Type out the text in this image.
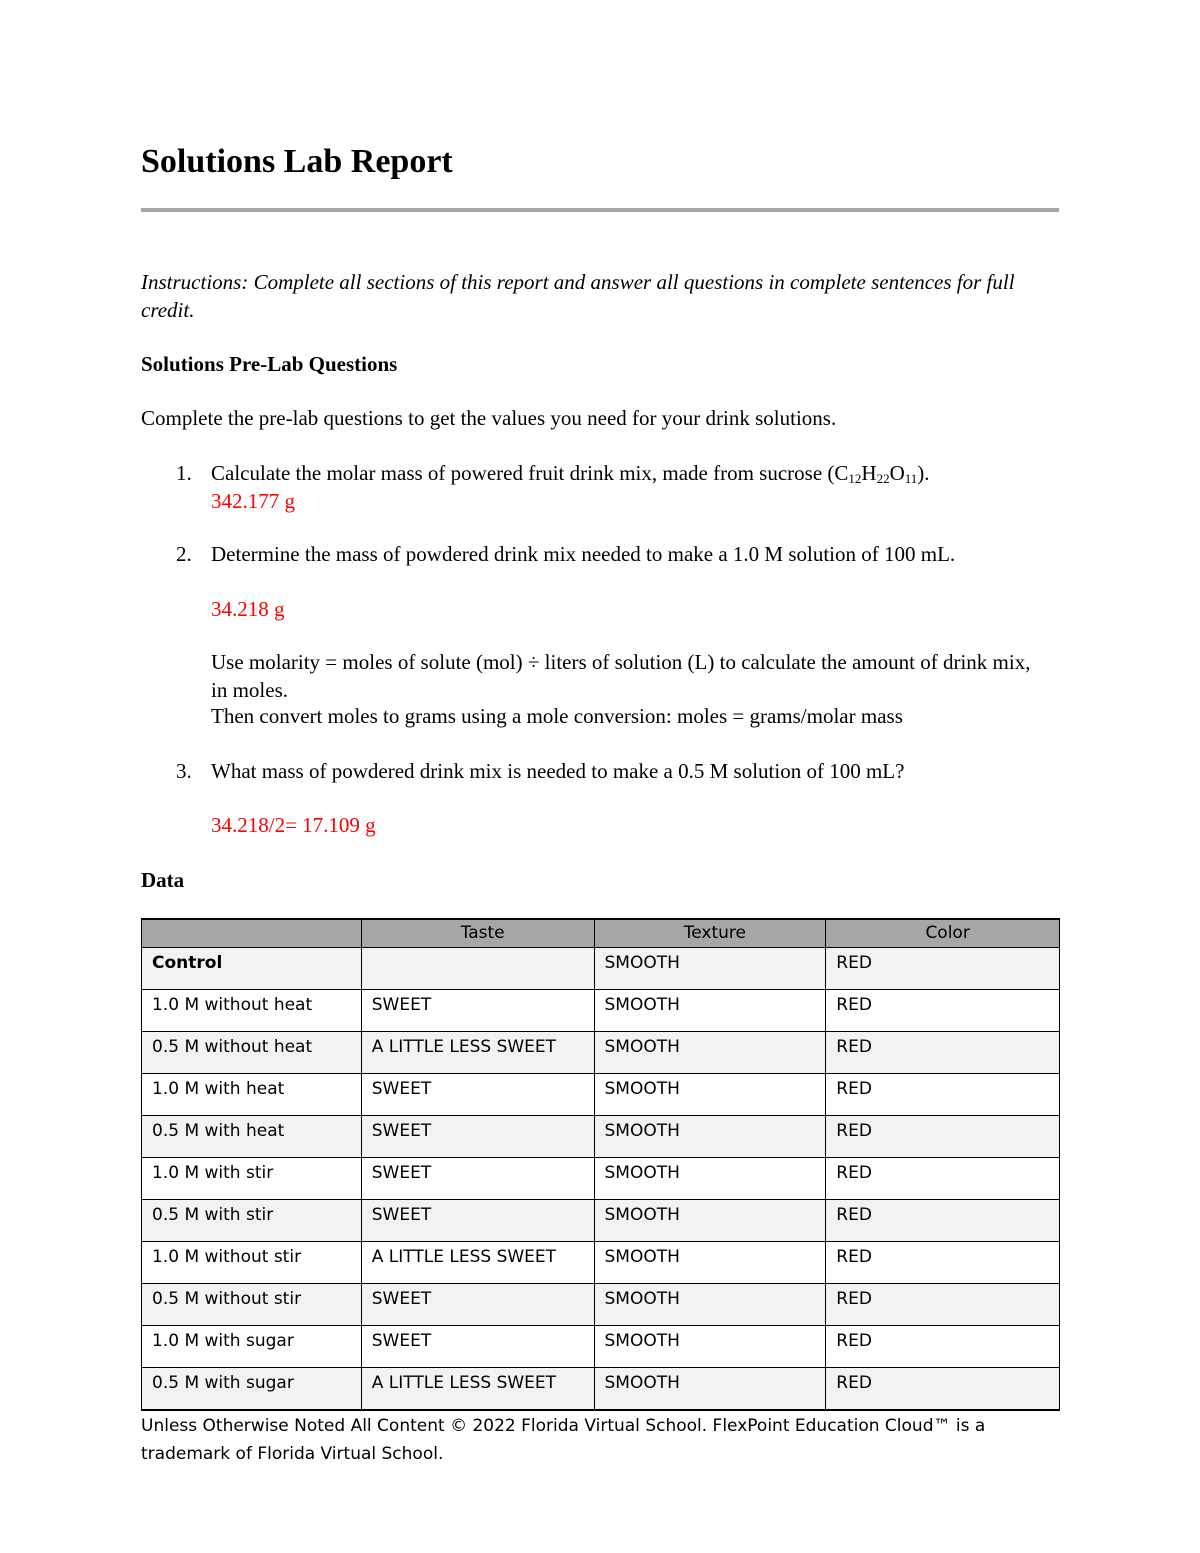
Solutions Lab Report
Instructions: Complete all sections of this report and answer all questions in complete sentences for full credit.
Solutions Pre-Lab Questions
Complete the pre-lab questions to get the values you need for your drink solutions.
1. Calculate the molar mass of powered fruit drink mix, made from sucrose $(C_{12}H_{22}O_{11})$.
342.177 g
2. Determine the mass of powdered drink mix needed to make a 1.0 M solution of 100 mL.
34.218 g
Use molarity = moles of solute (mol) ÷ liters of solution (L) to calculate the amount of drink mix, in moles.
Then convert moles to grams using a mole conversion: moles = grams/molar mass
3. What mass of powdered drink mix is needed to make a 0.5 M solution of 100 mL?
34.218/2= 17.109 g
Data
	Taste	Texture	Color
Control		SMOOTH	RED
1.0 M without heat	SWEET	SMOOTH	RED
0.5 M without heat	A LITTLE LESS SWEET	SMOOTH	RED
1.0 M with heat	SWEET	SMOOTH	RED
0.5 M with heat	SWEET	SMOOTH	RED
1.0 M with stir	SWEET	SMOOTH	RED
0.5 M with stir	SWEET	SMOOTH	RED
1.0 M without stir	A LITTLE LESS SWEET	SMOOTH	RED
0.5 M without stir	SWEET	SMOOTH	RED
1.0 M with sugar	SWEET	SMOOTH	RED
0.5 M with sugar	A LITTLE LESS SWEET	SMOOTH	RED
Unless Otherwise Noted All Content © 2022 Florida Virtual School. FlexPoint Education Cloud™ is a trademark of Florida Virtual School.
